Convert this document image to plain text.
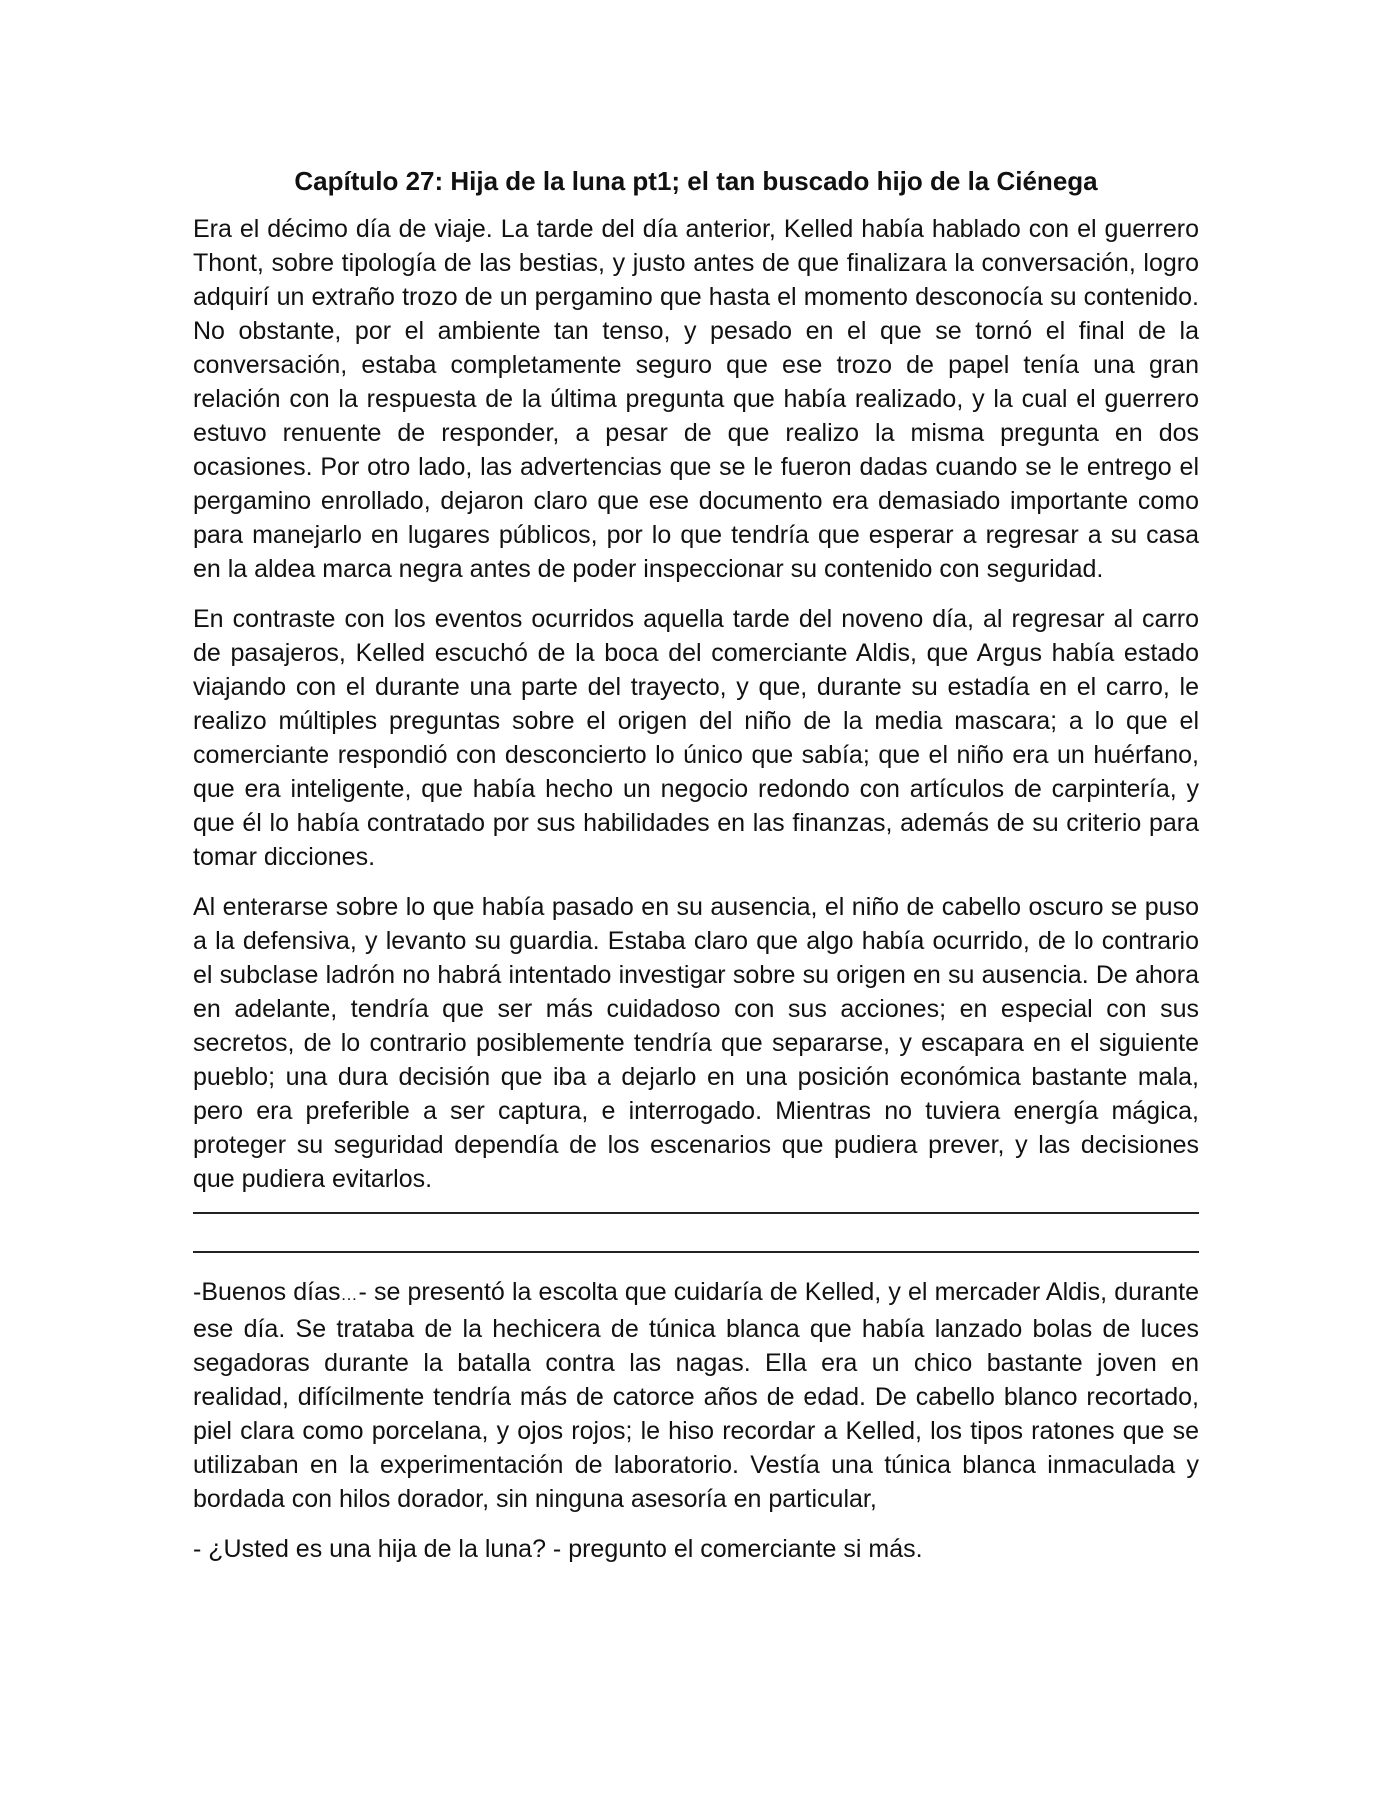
Capítulo 27: Hija de la luna pt1; el tan buscado hijo de la Ciénega

Era el décimo día de viaje. La tarde del día anterior, Kelled había hablado con el guerrero Thont, sobre tipología de las bestias, y justo antes de que finalizara la conversación, logro adquirí un extraño trozo de un pergamino que hasta el momento desconocía su contenido. No obstante, por el ambiente tan tenso, y pesado en el que se tornó el final de la conversación, estaba completamente seguro que ese trozo de papel tenía una gran relación con la respuesta de la última pregunta que había realizado, y la cual el guerrero estuvo renuente de responder, a pesar de que realizo la misma pregunta en dos ocasiones. Por otro lado, las advertencias que se le fueron dadas cuando se le entrego el pergamino enrollado, dejaron claro que ese documento era demasiado importante como para manejarlo en lugares públicos, por lo que tendría que esperar a regresar a su casa en la aldea marca negra antes de poder inspeccionar su contenido con seguridad.

En contraste con los eventos ocurridos aquella tarde del noveno día, al regresar al carro de pasajeros, Kelled escuchó de la boca del comerciante Aldis, que Argus había estado viajando con el durante una parte del trayecto, y que, durante su estadía en el carro, le realizo múltiples preguntas sobre el origen del niño de la media mascara; a lo que el comerciante respondió con desconcierto lo único que sabía; que el niño era un huérfano, que era inteligente, que había hecho un negocio redondo con artículos de carpintería, y que él lo había contratado por sus habilidades en las finanzas, además de su criterio para tomar dicciones.

Al enterarse sobre lo que había pasado en su ausencia, el niño de cabello oscuro se puso a la defensiva, y levanto su guardia. Estaba claro que algo había ocurrido, de lo contrario el subclase ladrón no habrá intentado investigar sobre su origen en su ausencia. De ahora en adelante, tendría que ser más cuidadoso con sus acciones; en especial con sus secretos, de lo contrario posiblemente tendría que separarse, y escapara en el siguiente pueblo; una dura decisión que iba a dejarlo en una posición económica bastante mala, pero era preferible a ser captura, e interrogado. Mientras no tuviera energía mágica, proteger su seguridad dependía de los escenarios que pudiera prever, y las decisiones que pudiera evitarlos.

-Buenos días…- se presentó la escolta que cuidaría de Kelled, y el mercader Aldis, durante ese día. Se trataba de la hechicera de túnica blanca que había lanzado bolas de luces segadoras durante la batalla contra las nagas. Ella era un chico bastante joven en realidad, difícilmente tendría más de catorce años de edad. De cabello blanco recortado, piel clara como porcelana, y ojos rojos; le hiso recordar a Kelled, los tipos ratones que se utilizaban en la experimentación de laboratorio. Vestía una túnica blanca inmaculada y bordada con hilos dorador, sin ninguna asesoría en particular,

- ¿Usted es una hija de la luna? - pregunto el comerciante si más.
